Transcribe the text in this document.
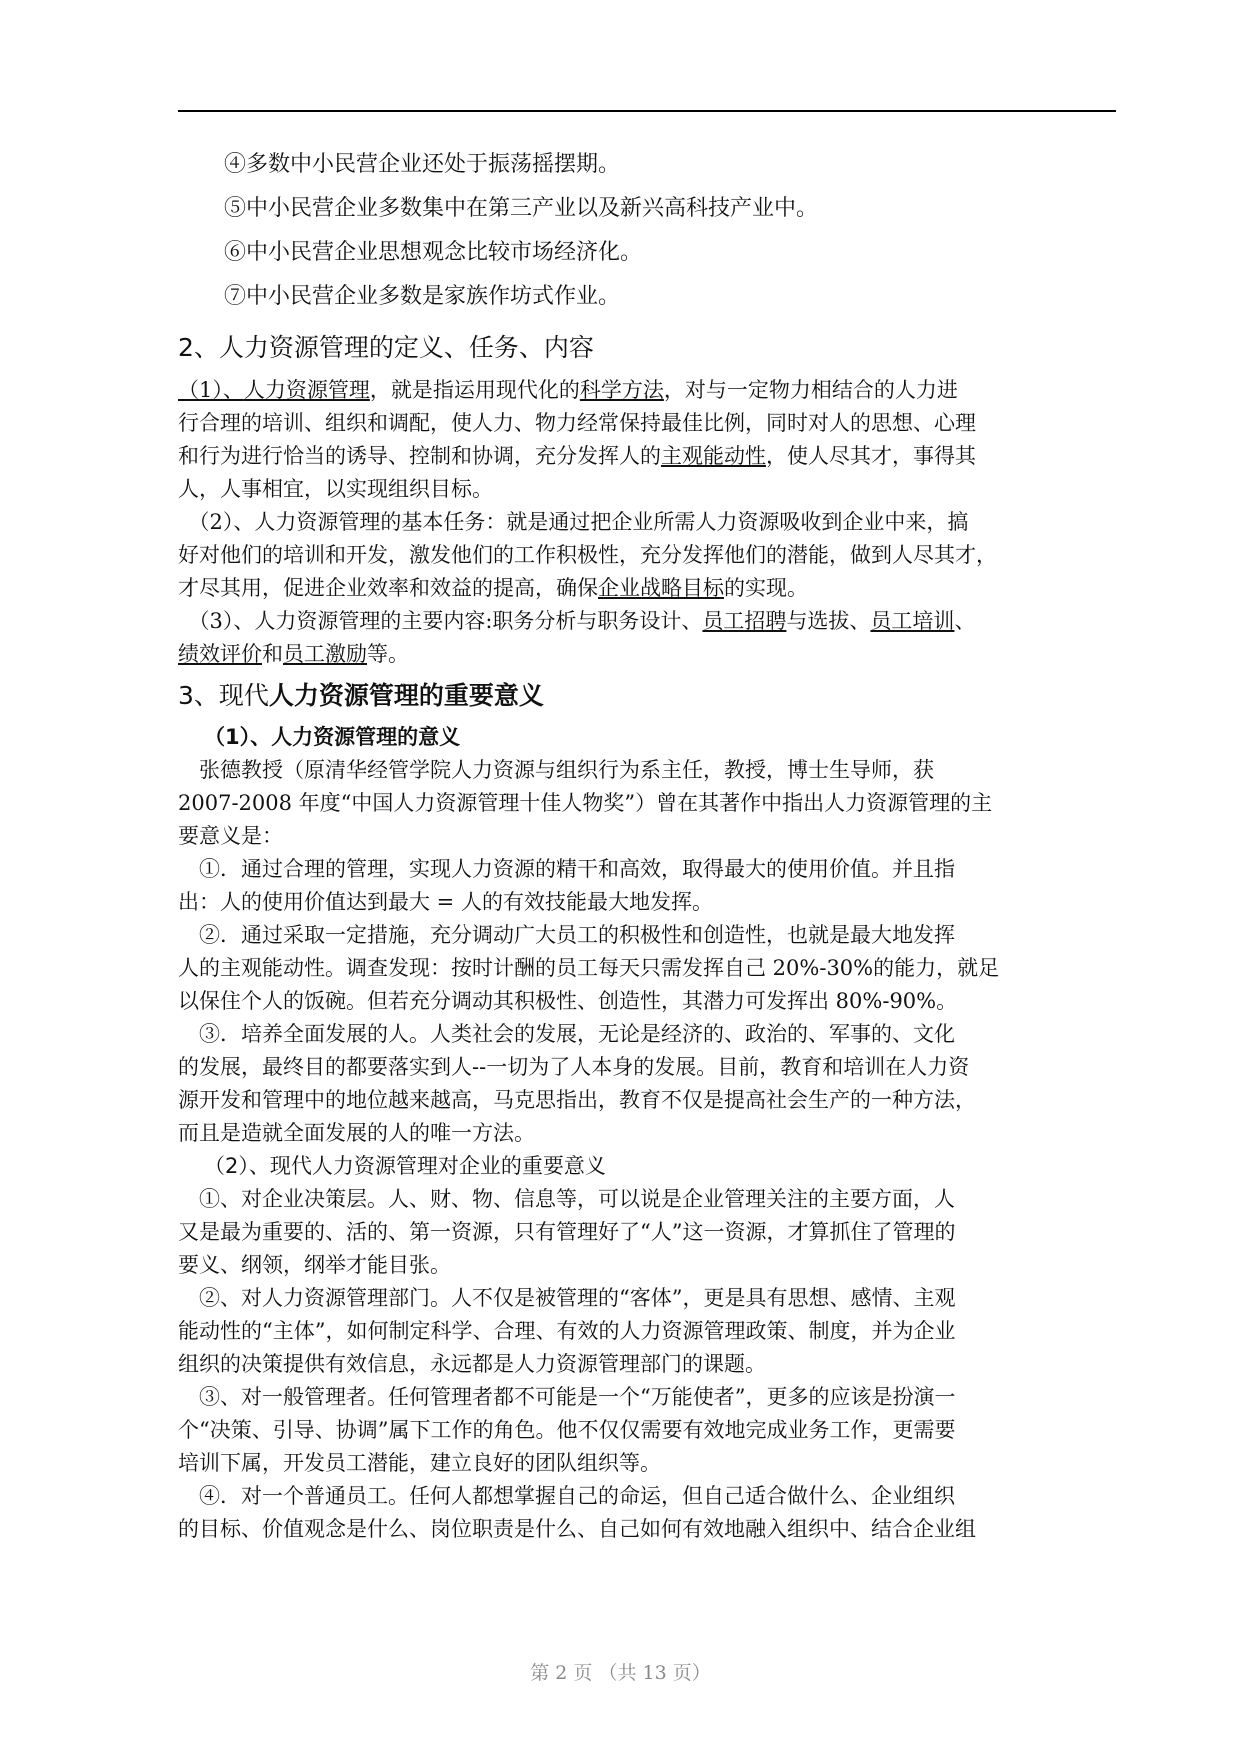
④多数中小民营企业还处于振荡摇摆期。
⑤中小民营企业多数集中在第三产业以及新兴高科技产业中。
⑥中小民营企业思想观念比较市场经济化。
⑦中小民营企业多数是家族作坊式作业。
2、人力资源管理的定义、任务、内容
（1）、人力资源管理，就是指运用现代化的科学方法，对与一定物力相结合的人力进
行合理的培训、组织和调配，使人力、物力经常保持最佳比例，同时对人的思想、心理
和行为进行恰当的诱导、控制和协调，充分发挥人的主观能动性，使人尽其才，事得其
人，人事相宜，以实现组织目标。
　（2）、人力资源管理的基本任务：就是通过把企业所需人力资源吸收到企业中来，搞
好对他们的培训和开发，激发他们的工作积极性，充分发挥他们的潜能，做到人尽其才，
才尽其用，促进企业效率和效益的提高，确保企业战略目标的实现。
　（3）、人力资源管理的主要内容:职务分析与职务设计、员工招聘与选拔、员工培训、
绩效评价和员工激励等。
3、现代人力资源管理的重要意义
（1）、人力资源管理的意义
　张德教授（原清华经管学院人力资源与组织行为系主任，教授，博士生导师，获
2007-2008 年度“中国人力资源管理十佳人物奖”）曾在其著作中指出人力资源管理的主
要意义是：
　①．通过合理的管理，实现人力资源的精干和高效，取得最大的使用价值。并且指
出：人的使用价值达到最大 = 人的有效技能最大地发挥。
　②．通过采取一定措施，充分调动广大员工的积极性和创造性，也就是最大地发挥
人的主观能动性。调查发现：按时计酬的员工每天只需发挥自己 20%-30%的能力，就足
以保住个人的饭碗。但若充分调动其积极性、创造性，其潜力可发挥出 80%-90%。
　③．培养全面发展的人。人类社会的发展，无论是经济的、政治的、军事的、文化
的发展，最终目的都要落实到人--一切为了人本身的发展。目前，教育和培训在人力资
源开发和管理中的地位越来越高，马克思指出，教育不仅是提高社会生产的一种方法，
而且是造就全面发展的人的唯一方法。
（2）、现代人力资源管理对企业的重要意义
　①、对企业决策层。人、财、物、信息等，可以说是企业管理关注的主要方面，人
又是最为重要的、活的、第一资源，只有管理好了“人”这一资源，才算抓住了管理的
要义、纲领，纲举才能目张。
　②、对人力资源管理部门。人不仅是被管理的“客体”，更是具有思想、感情、主观
能动性的“主体”，如何制定科学、合理、有效的人力资源管理政策、制度，并为企业
组织的决策提供有效信息，永远都是人力资源管理部门的课题。
　③、对一般管理者。任何管理者都不可能是一个“万能使者”，更多的应该是扮演一
个“决策、引导、协调”属下工作的角色。他不仅仅需要有效地完成业务工作，更需要
培训下属，开发员工潜能，建立良好的团队组织等。
　④．对一个普通员工。任何人都想掌握自己的命运，但自己适合做什么、企业组织
的目标、价值观念是什么、岗位职责是什么、自己如何有效地融入组织中、结合企业组
第 2 页 （共 13 页）
